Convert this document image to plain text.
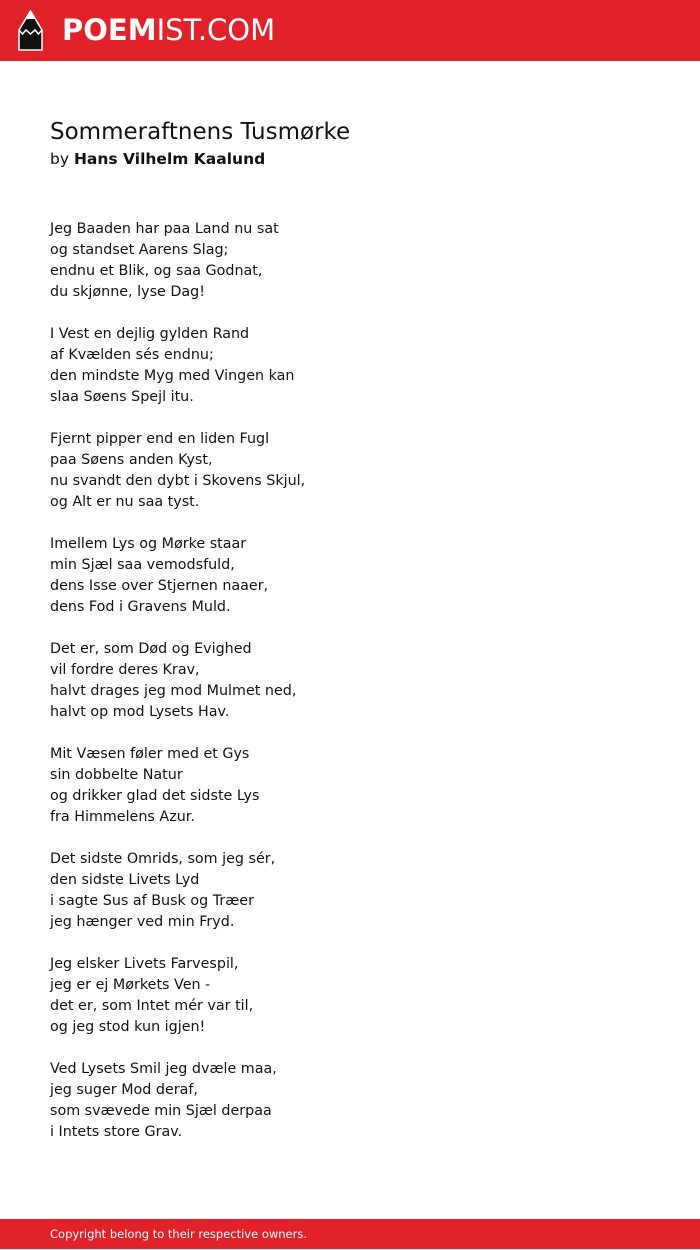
POEMIST.COM
Sommeraftnens Tusmørke
by Hans Vilhelm Kaalund
Jeg Baaden har paa Land nu sat
og standset Aarens Slag;
endnu et Blik, og saa Godnat,
du skjønne, lyse Dag!
I Vest en dejlig gylden Rand
af Kvælden sés endnu;
den mindste Myg med Vingen kan
slaa Søens Spejl itu.
Fjernt pipper end en liden Fugl
paa Søens anden Kyst,
nu svandt den dybt i Skovens Skjul,
og Alt er nu saa tyst.
Imellem Lys og Mørke staar
min Sjæl saa vemodsfuld,
dens Isse over Stjernen naaer,
dens Fod i Gravens Muld.
Det er, som Død og Evighed
vil fordre deres Krav,
halvt drages jeg mod Mulmet ned,
halvt op mod Lysets Hav.
Mit Væsen føler med et Gys
sin dobbelte Natur
og drikker glad det sidste Lys
fra Himmelens Azur.
Det sidste Omrids, som jeg sér,
den sidste Livets Lyd
i sagte Sus af Busk og Træer
jeg hænger ved min Fryd.
Jeg elsker Livets Farvespil,
jeg er ej Mørkets Ven -
det er, som Intet mér var til,
og jeg stod kun igjen!
Ved Lysets Smil jeg dvæle maa,
jeg suger Mod deraf,
som svævede min Sjæl derpaa
i Intets store Grav.
Copyright belong to their respective owners.
